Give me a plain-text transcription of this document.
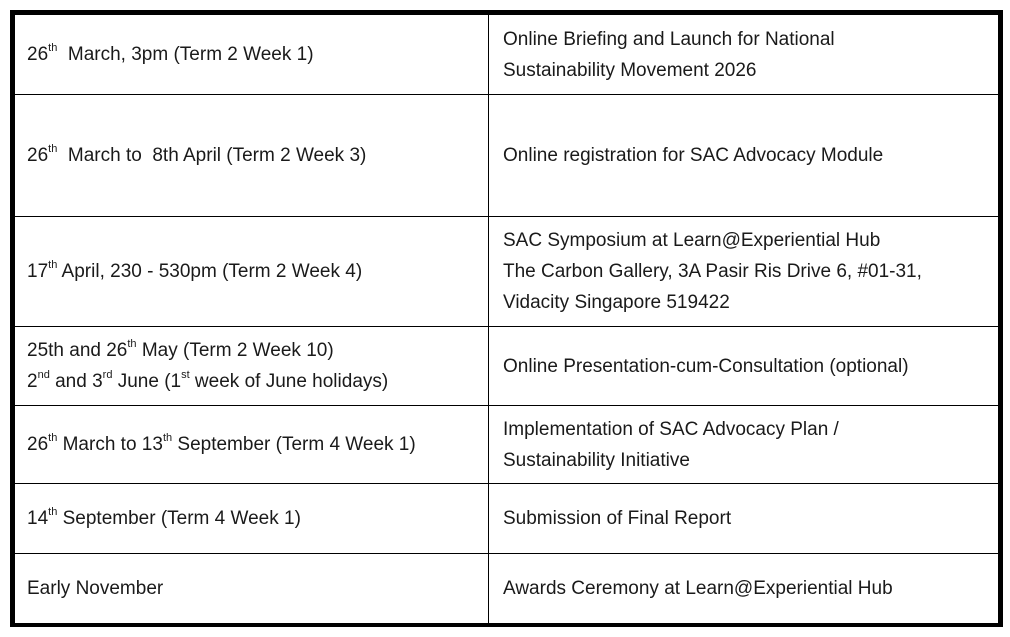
26th  March, 3pm (Term 2 Week 1)	Online Briefing and Launch for National
Sustainability Movement 2026

26th  March to  8th April (Term 2 Week 3)	Online registration for SAC Advocacy Module

17th April, 230 - 530pm (Term 2 Week 4)	SAC Symposium at Learn@Experiential Hub
The Carbon Gallery, 3A Pasir Ris Drive 6, #01-31,
Vidacity Singapore 519422

25th and 26th May (Term 2 Week 10)
2nd and 3rd June (1st week of June holidays)	Online Presentation-cum-Consultation (optional)

26th March to 13th September (Term 4 Week 1)	Implementation of SAC Advocacy Plan /
Sustainability Initiative

14th September (Term 4 Week 1)	Submission of Final Report

Early November	Awards Ceremony at Learn@Experiential Hub
